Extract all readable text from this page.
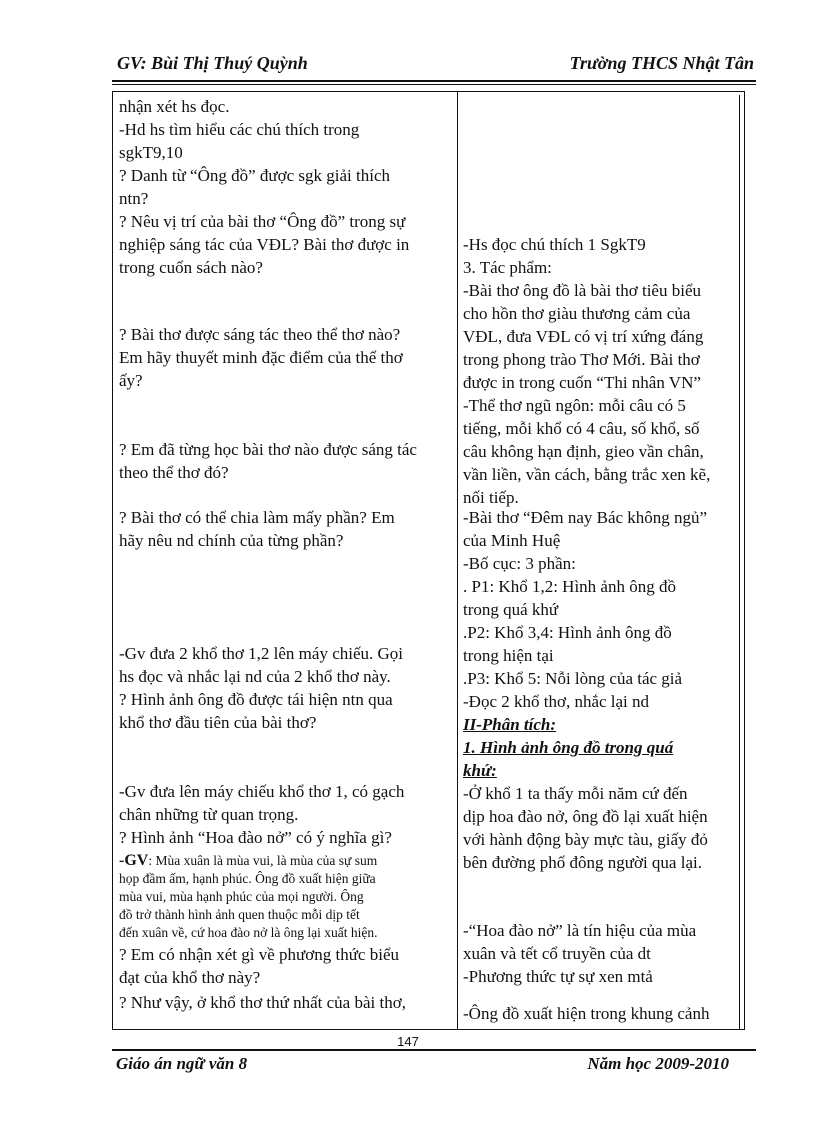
GV: Bùi Thị Thuý Quỳnh	Trường THCS Nhật Tân
nhận xét hs đọc.
-Hd hs tìm hiểu các chú thích trong
sgkT9,10
? Danh từ “Ông đồ” được sgk giải thích
ntn?
? Nêu vị trí của bài thơ “Ông đồ” trong sự
nghiệp sáng tác của VĐL? Bài thơ được in
trong cuốn sách nào?
? Bài thơ được sáng tác theo thể thơ nào?
Em hãy thuyết minh đặc điểm của thể thơ
ấy?
? Em đã từng học bài thơ nào được sáng tác
theo thể thơ đó?
? Bài thơ có thể chia làm mấy phần? Em
hãy nêu nd chính của từng phần?
-Gv đưa 2 khổ thơ 1,2 lên máy chiếu. Gọi
hs đọc và nhắc lại nd của 2 khổ thơ này.
? Hình ảnh ông đồ được tái hiện ntn qua
khổ thơ đầu tiên của bài thơ?
-Gv đưa lên máy chiếu khổ thơ 1, có gạch
chân những từ quan trọng.
? Hình ảnh “Hoa đào nở” có ý nghĩa gì?
-GV: Mùa xuân là mùa vui, là mùa của sự sum
họp đầm ấm, hạnh phúc. Ông đồ xuất hiện giữa
mùa vui, mùa hạnh phúc của mọi người. Ông
đồ trở thành hình ảnh quen thuộc mỗi dịp tết
đến xuân về, cứ hoa đào nở là ông lại xuất hiện.
? Em có nhận xét gì về phương thức biểu
đạt của khổ thơ này?
? Như vậy, ở khổ thơ thứ nhất của bài thơ,
-Hs đọc chú thích 1 SgkT9
3. Tác phẩm:
-Bài thơ ông đồ là bài thơ tiêu biểu
cho hồn thơ giàu thương cảm của
VĐL, đưa VĐL có vị trí xứng đáng
trong phong trào Thơ Mới. Bài thơ
được in trong cuốn “Thi nhân VN”
-Thể thơ ngũ ngôn: mỗi câu có 5
tiếng, mỗi khổ có 4 câu, số khổ, số
câu không hạn định, gieo vần chân,
vần liền, vần cách, bằng trắc xen kẽ,
nối tiếp.
-Bài thơ “Đêm nay Bác không ngủ”
của Minh Huệ
-Bố cục: 3 phần:
. P1: Khổ 1,2: Hình ảnh ông đồ
trong quá khứ
.P2: Khổ 3,4: Hình ảnh ông đồ
trong hiện tại
.P3: Khổ 5: Nỗi lòng của tác giả
-Đọc 2 khổ thơ, nhắc lại nd
II-Phân tích:
1. Hình ảnh ông đồ trong quá
khứ:
-Ở khổ 1 ta thấy mỗi năm cứ đến
dịp hoa đào nở, ông đồ lại xuất hiện
với hành động bày mực tàu, giấy đỏ
bên đường phố đông người qua lại.
-“Hoa đào nở” là tín hiệu của mùa
xuân và tết cổ truyền của dt
-Phương thức tự sự xen mtả
-Ông đồ xuất hiện trong khung cảnh
147
Giáo án ngữ văn 8	Năm học 2009-2010
